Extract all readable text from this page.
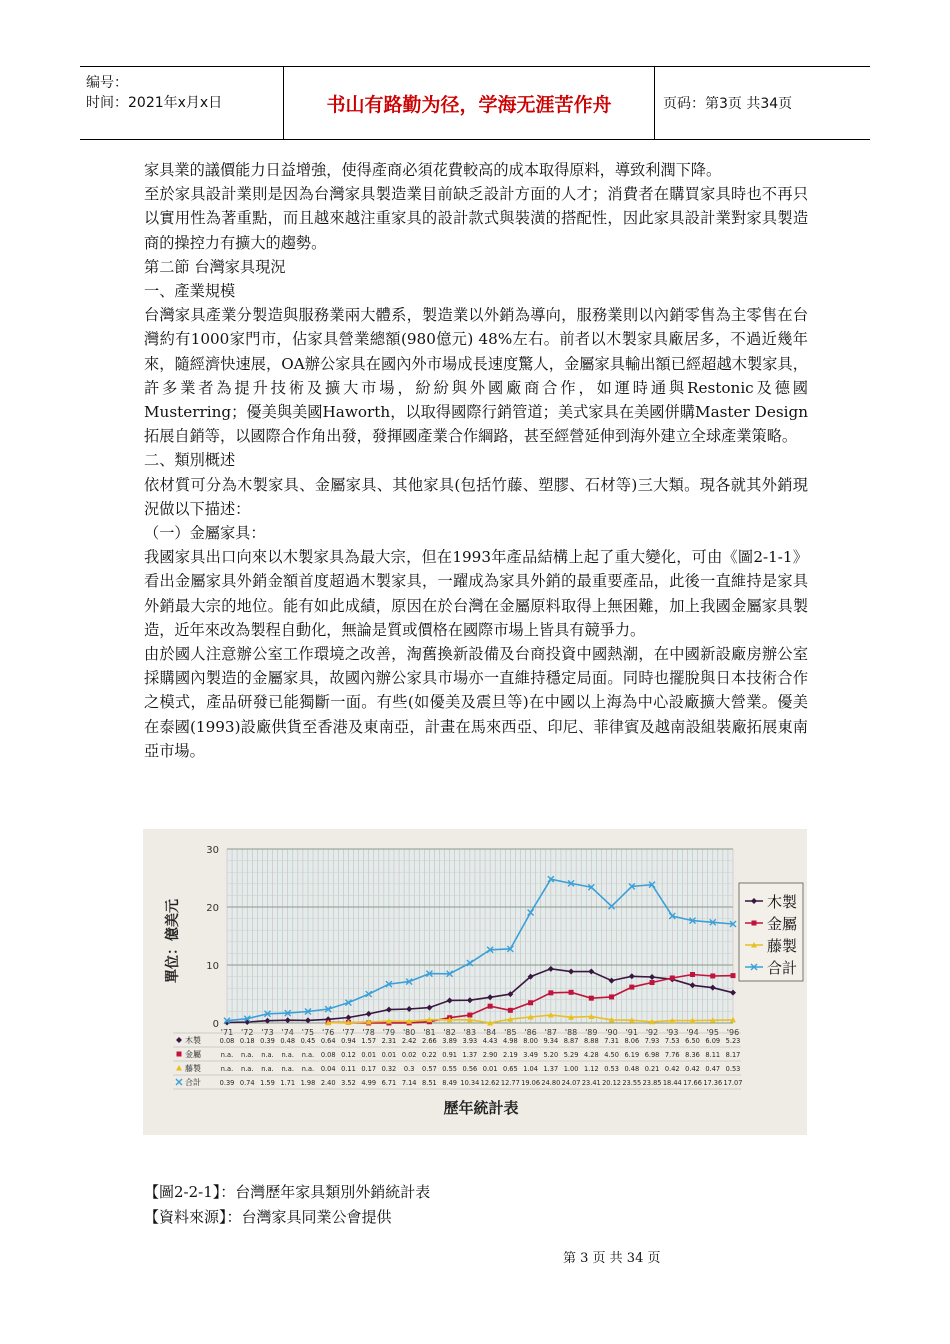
编号：
时间：2021年x月x日	书山有路勤为径，学海无涯苦作舟	页码：第3页 共34页

家具業的議價能力日益增強，使得產商必須花費較高的成本取得原料，導致利潤下降。

至於家具設計業則是因為台灣家具製造業目前缺乏設計方面的人才；消費者在購買家具時也不再只以實用性為著重點，而且越來越注重家具的設計款式與裝潢的搭配性，因此家具設計業對家具製造商的操控力有擴大的趨勢。

第二節 台灣家具現況

一、產業規模

台灣家具產業分製造與服務業兩大體系，製造業以外銷為導向，服務業則以內銷零售為主零售在台灣約有1000家門市，佔家具營業總額(980億元) 48%左右。前者以木製家具廠居多，不過近幾年來，隨經濟快速展，OA辦公家具在國內外市場成長速度驚人，金屬家具輸出額已經超越木製家具，許多業者為提升技術及擴大市場，紛紛與外國廠商合作，如運時通與Restonic及德國Musterring；優美與美國Haworth，以取得國際行銷管道；美式家具在美國併購Master Design拓展自銷等，以國際合作角出發，發揮國產業合作綱路，甚至經營延伸到海外建立全球產業策略。

二、類別概述

依材質可分為木製家具、金屬家具、其他家具(包括竹藤、塑膠、石材等)三大類。現各就其外銷現況做以下描述：

（一）金屬家具：

我國家具出口向來以木製家具為最大宗，但在1993年產品結構上起了重大變化，可由《圖2-1-1》看出金屬家具外銷金額首度超過木製家具，一躍成為家具外銷的最重要產品，此後一直維持是家具外銷最大宗的地位。能有如此成績，原因在於台灣在金屬原料取得上無困難，加上我國金屬家具製造，近年來改為製程自動化，無論是質或價格在國際市場上皆具有競爭力。

由於國人注意辦公室工作環境之改善，淘舊換新設備及台商投資中國熱潮，在中國新設廠房辦公室採購國內製造的金屬家具，故國內辦公家具市場亦一直維持穩定局面。同時也擺脫與日本技術合作之模式，產品研發已能獨斷一面。有些(如優美及震旦等)在中國以上海為中心設廠擴大營業。優美在泰國(1993)設廠供貨至香港及東南亞，計畫在馬來西亞、印尼、菲律賓及越南設組裝廠拓展東南亞市場。

0
10
20
30
'71 '72 '73 '74 '75 '76 '77 '78 '79 '80 '81 '82 '83 '84 '85 '86 '87 '88 '89 '90 '91 '92 '93 '94 '95 '96
木製
金屬
藤製
合計
木製	0.08 0.18 0.39 0.48 0.45 0.64 0.94 1.57 2.31 2.42 2.66 3.89 3.93 4.43 4.98 8.00 9.34 8.87 8.88 7.31 8.06 7.93 7.53 6.50 6.09 5.23
金屬	n.a. n.a. n.a. n.a. n.a. 0.08 0.12 0.01 0.01 0.02 0.22 0.91 1.37 2.90 2.19 3.49 5.20 5.29 4.28 4.50 6.19 6.98 7.76 8.36 8.11 8.17
藤製	n.a. n.a. n.a. n.a. n.a. 0.04 0.11 0.17 0.32 0.3 0.57 0.55 0.56 0.01 0.65 1.04 1.37 1.00 1.12 0.53 0.48 0.21 0.42 0.42 0.47 0.53
合計	0.39 0.74 1.59 1.71 1.98 2.40 3.52 4.99 6.71 7.14 8.51 8.49 10.34 12.62 12.77 19.06 24.80 24.07 23.41 20.12 23.55 23.85 18.44 17.66 17.36 17.07
單位：億美元
歷年統計表
【圖2-2-1】：台灣歷年家具類別外銷統計表
【資料來源】：台灣家具同業公會提供
第 3 页 共 34 页
